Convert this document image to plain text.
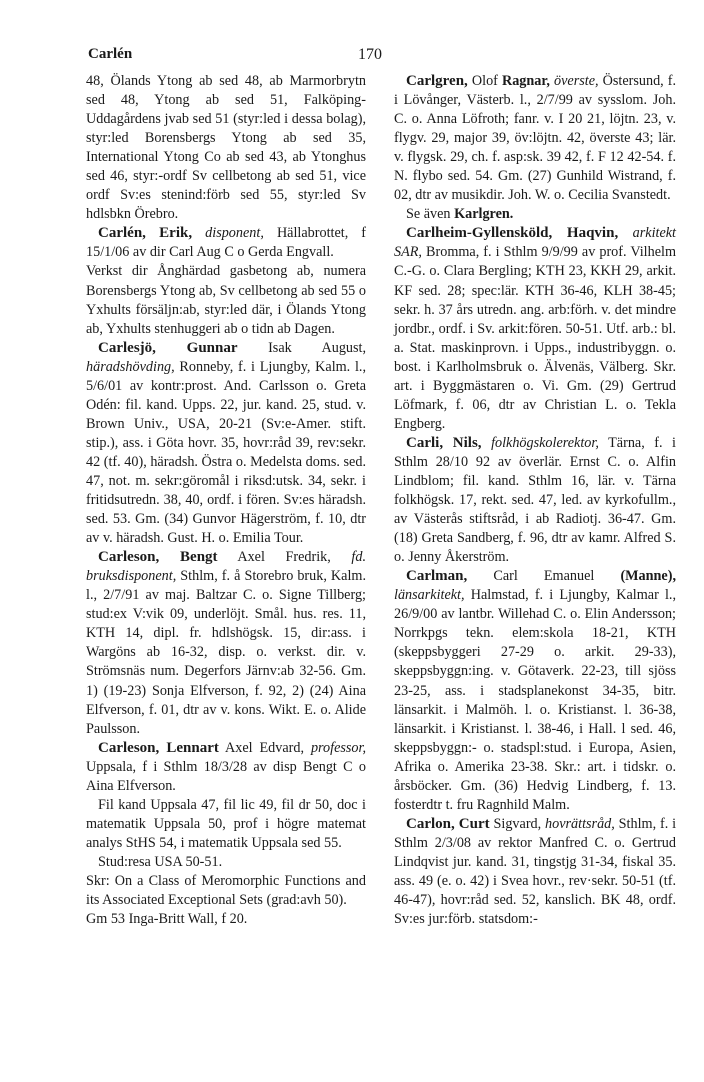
Carlén	170

48, Ölands Ytong ab sed 48, ab Marmorbrytn sed 48, Ytong ab sed 51, Falköping-Uddagårdens jvab sed 51 (styr:led i dessa bolag), styr:led Borensbergs Ytong ab sed 35, International Ytong Co ab sed 43, ab Ytonghus sed 46, styr:-ordf Sv cellbetong ab sed 51, vice ordf Sv:es stenind:förb sed 55, styr:led Sv hdlsbkn Örebro.

Carlén, Erik, disponent, Hällabrottet, f 15/1/06 av dir Carl Aug C o Gerda Engvall.

Verkst dir Ånghärdad gasbetong ab, numera Borensbergs Ytong ab, Sv cellbetong ab sed 55 o Yxhults försäljn:ab, styr:led där, i Ölands Ytong ab, Yxhults stenhuggeri ab o tidn ab Dagen.

Carlesjö, Gunnar Isak August, häradshövding, Ronneby, f. i Ljungby, Kalm. l., 5/6/01 av kontr:prost. And. Carlsson o. Greta Odén: fil. kand. Upps. 22, jur. kand. 25, stud. v. Brown Univ., USA, 20-21 (Sv:e-Amer. stift. stip.), ass. i Göta hovr. 35, hovr:råd 39, rev:sekr. 42 (tf. 40), häradsh. Östra o. Medelsta doms. sed. 47, not. m. sekr:göromål i riksd:utsk. 34, sekr. i fritidsutredn. 38, 40, ordf. i fören. Sv:es häradsh. sed. 53. Gm. (34) Gunvor Hägerström, f. 10, dtr av v. häradsh. Gust. H. o. Emilia Tour.

Carleson, Bengt Axel Fredrik, fd. bruksdisponent, Sthlm, f. å Storebro bruk, Kalm. l., 2/7/91 av maj. Baltzar C. o. Signe Tillberg; stud:ex V:vik 09, underlöjt. Smål. hus. res. 11, KTH 14, dipl. fr. hdlshögsk. 15, dir:ass. i Wargöns ab 16-32, disp. o. verkst. dir. v. Strömsnäs num. Degerfors Järnv:ab 32-56. Gm. 1) (19-23) Sonja Elfverson, f. 92, 2) (24) Aina Elfverson, f. 01, dtr av v. kons. Wikt. E. o. Alide Paulsson.

Carleson, Lennart Axel Edvard, professor, Uppsala, f i Sthlm 18/3/28 av disp Bengt C o Aina Elfverson.

Fil kand Uppsala 47, fil lic 49, fil dr 50, doc i matematik Uppsala 50, prof i högre matemat analys StHS 54, i matematik Uppsala sed 55.

Stud:resa USA 50-51.

Skr: On a Class of Meromorphic Functions and its Associated Exceptional Sets (grad:avh 50).

Gm 53 Inga-Britt Wall, f 20.

Carlgren, Olof Ragnar, överste, Östersund, f. i Lövånger, Västerb. l., 2/7/99 av sysslom. Joh. C. o. Anna Löfroth; fanr. v. I 20 21, löjtn. 23, v. flygv. 29, major 39, öv:löjtn. 42, överste 43; lär. v. flygsk. 29, ch. f. asp:sk. 39 42, f. F 12 42-54. f. N. flybo sed. 54. Gm. (27) Gunhild Wistrand, f. 02, dtr av musikdir. Joh. W. o. Cecilia Svanstedt.

Se även Karlgren.

Carlheim-Gyllensköld, Haqvin, arkitekt SAR, Bromma, f. i Sthlm 9/9/99 av prof. Vilhelm C.-G. o. Clara Bergling; KTH 23, KKH 29, arkit. KF sed. 28; spec:lär. KTH 36-46, KLH 38-45; sekr. h. 37 års utredn. ang. arb:förh. v. det mindre jordbr., ordf. i Sv. arkit:fören. 50-51. Utf. arb.: bl. a. Stat. maskinprovn. i Upps., industribyggn. o. bost. i Karlholmsbruk o. Älvenäs, Välberg. Skr. art. i Byggmästaren o. Vi. Gm. (29) Gertrud Löfmark, f. 06, dtr av Christian L. o. Tekla Engberg.

Carli, Nils, folkhögskolerektor, Tärna, f. i Sthlm 28/10 92 av överlär. Ernst C. o. Alfin Lindblom; fil. kand. Sthlm 16, lär. v. Tärna folkhögsk. 17, rekt. sed. 47, led. av kyrkofullm., av Västerås stiftsråd, i ab Radiotj. 36-47. Gm. (18) Greta Sandberg, f. 96, dtr av kamr. Alfred S. o. Jenny Åkerström.

Carlman, Carl Emanuel (Manne), länsarkitekt, Halmstad, f. i Ljungby, Kalmar l., 26/9/00 av lantbr. Willehad C. o. Elin Andersson; Norrkpgs tekn. elem:skola 18-21, KTH (skeppsbyggeri 27-29 o. arkit. 29-33), skeppsbyggn:ing. v. Götaverk. 22-23, till sjöss 23-25, ass. i stadsplanekonst 34-35, bitr. länsarkit. i Malmöh. l. o. Kristianst. l. 36-38, länsarkit. i Kristianst. l. 38-46, i Hall. l sed. 46, skeppsbyggn:- o. stadspl:stud. i Europa, Asien, Afrika o. Amerika 23-38. Skr.: art. i tidskr. o. årsböcker. Gm. (36) Hedvig Lindberg, f. 13. fosterdtr t. fru Ragnhild Malm.

Carlon, Curt Sigvard, hovrättsråd, Sthlm, f. i Sthlm 2/3/08 av rektor Manfred C. o. Gertrud Lindqvist jur. kand. 31, tingstjg 31-34, fiskal 35. ass. 49 (e. o. 42) i Svea hovr., rev·sekr. 50-51 (tf. 46-47), hovr:råd sed. 52, kanslich. BK 48, ordf. Sv:es jur:förb. statsdom:-
